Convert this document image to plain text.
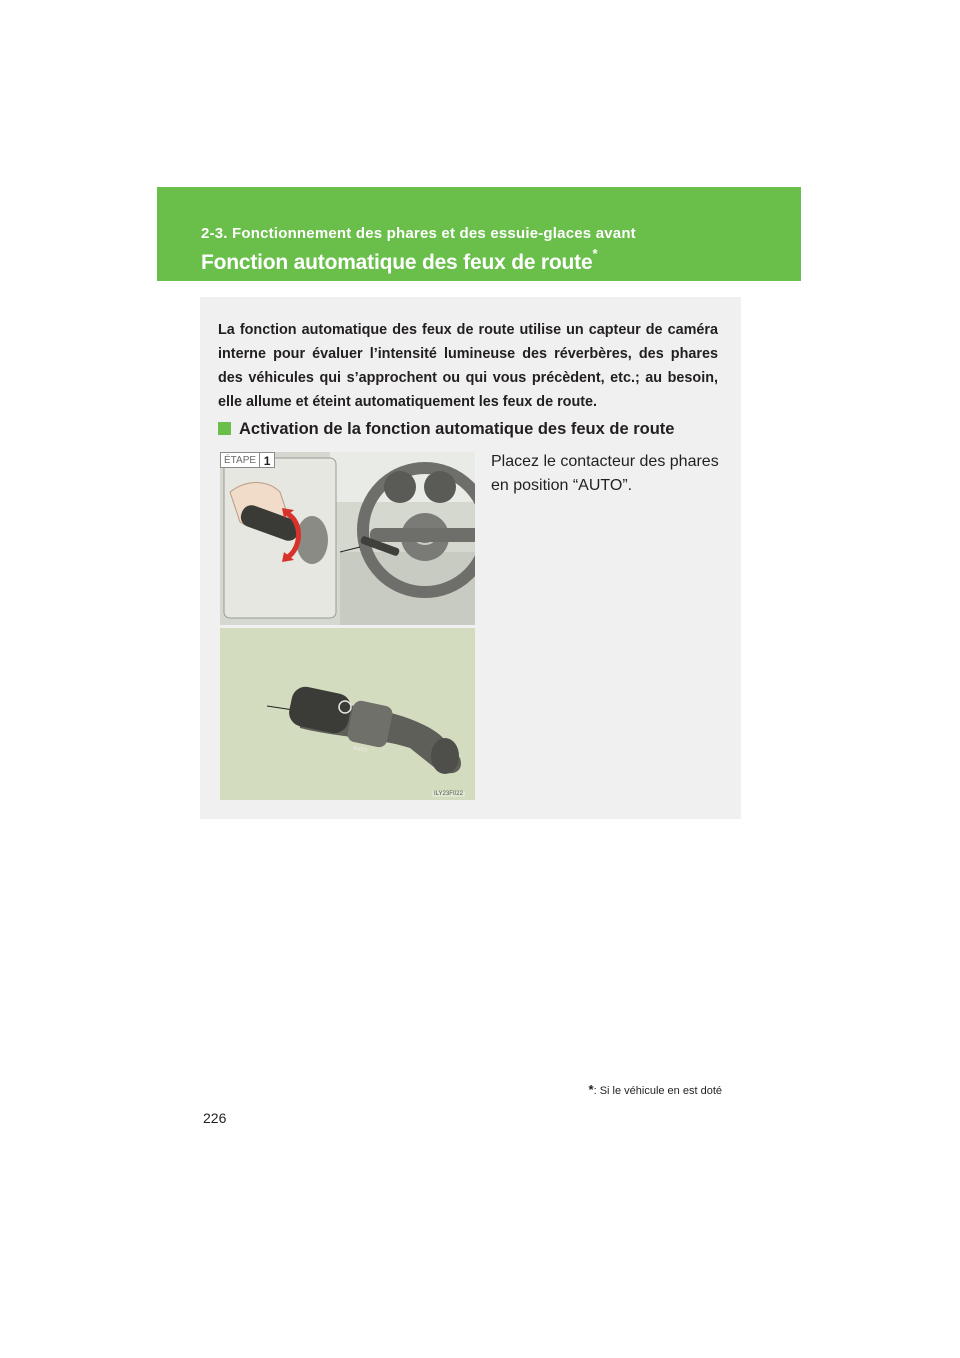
2-3. Fonctionnement des phares et des essuie-glaces avant
Fonction automatique des feux de route*
La fonction automatique des feux de route utilise un capteur de caméra interne pour évaluer l’intensité lumineuse des réverbères, des phares des véhicules qui s’approchent ou qui vous précèdent, etc.; au besoin, elle allume et éteint automatiquement les feux de route.
Activation de la fonction automatique des feux de route
ÉTAPE 1
AUTO
ILY23F022
Placez le contacteur des phares en position “AUTO”.
*: Si le véhicule en est doté
226
